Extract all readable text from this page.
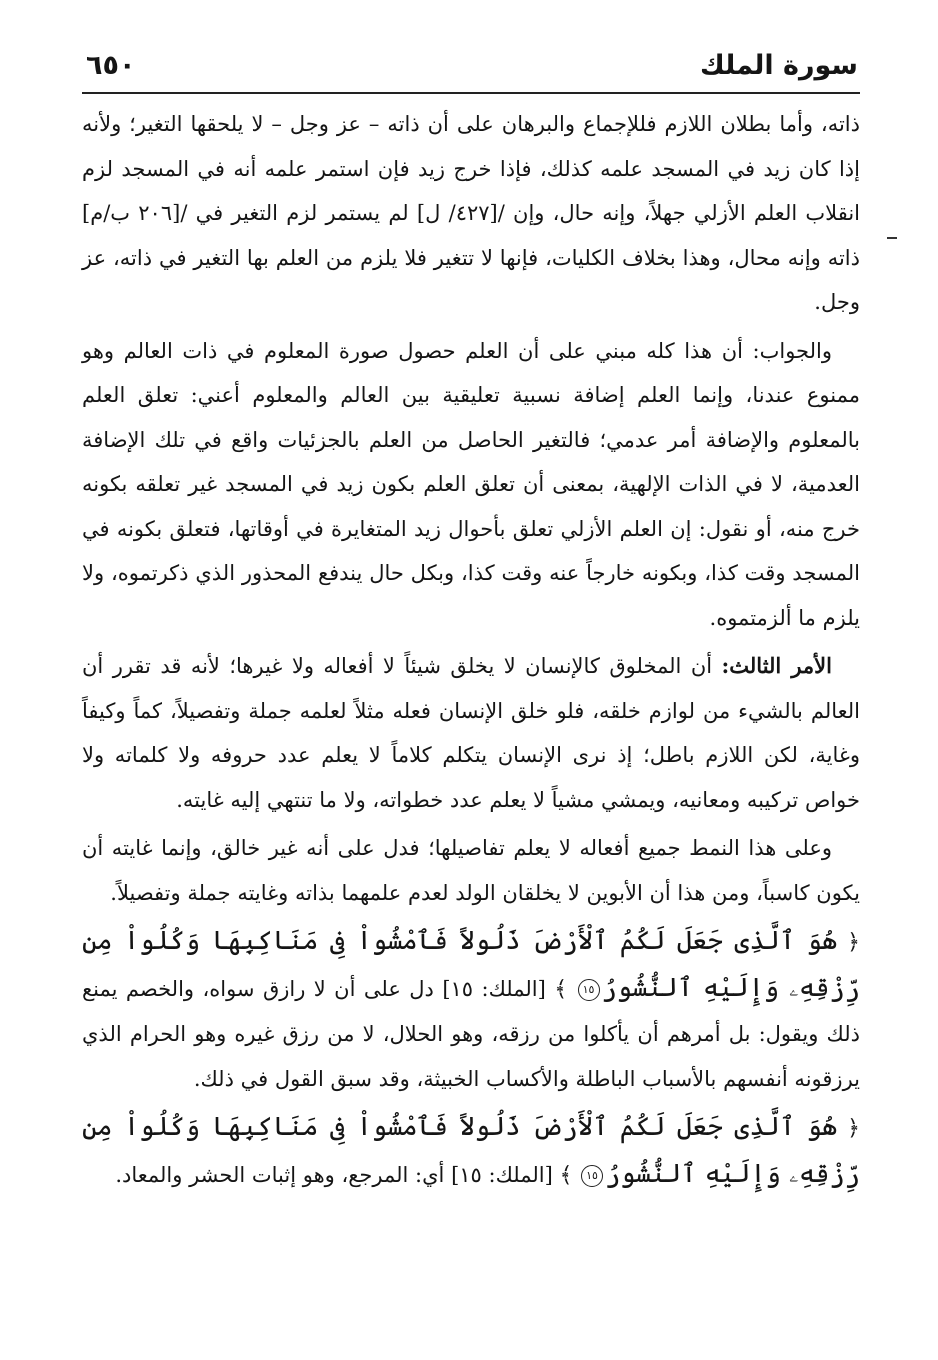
سورة الملك
٦٥٠

ذاته، وأما بطلان اللازم فللإجماع والبرهان على أن ذاته – عز وجل – لا يلحقها التغير؛ ولأنه إذا كان زيد في المسجد علمه كذلك، فإذا خرج زيد فإن استمر علمه أنه في المسجد لزم انقلاب العلم الأزلي جهلاً، وإنه حال، وإن /[٤٢٧/ ل] لم يستمر لزم التغير في /[٢٠٦ ب/م] ذاته وإنه محال، وهذا بخلاف الكليات، فإنها لا تتغير فلا يلزم من العلم بها التغير في ذاته، عز وجل.

والجواب: أن هذا كله مبني على أن العلم حصول صورة المعلوم في ذات العالم وهو ممنوع عندنا، وإنما العلم إضافة نسبية تعليقية بين العالم والمعلوم أعني: تعلق العلم بالمعلوم والإضافة أمر عدمي؛ فالتغير الحاصل من العلم بالجزئيات واقع في تلك الإضافة العدمية، لا في الذات الإلهية، بمعنى أن تعلق العلم بكون زيد في المسجد غير تعلقه بكونه خرج منه، أو نقول: إن العلم الأزلي تعلق بأحوال زيد المتغايرة في أوقاتها، فتعلق بكونه في المسجد وقت كذا، وبكونه خارجاً عنه وقت كذا، وبكل حال يندفع المحذور الذي ذكرتموه، ولا يلزم ما ألزمتموه.

الأمر الثالث: أن المخلوق كالإنسان لا يخلق شيئاً لا أفعاله ولا غيرها؛ لأنه قد تقرر أن العالم بالشيء من لوازم خلقه، فلو خلق الإنسان فعله مثلاً لعلمه جملة وتفصيلاً، كماً وكيفاً وغاية، لكن اللازم باطل؛ إذ نرى الإنسان يتكلم كلاماً لا يعلم عدد حروفه ولا كلماته ولا خواص تركيبه ومعانيه، ويمشي مشياً لا يعلم عدد خطواته، ولا ما تنتهي إليه غايته.

وعلى هذا النمط جميع أفعاله لا يعلم تفاصيلها؛ فدل على أنه غير خالق، وإنما غايته أن يكون كاسباً، ومن هذا أن الأبوين لا يخلقان الولد لعدم علمهما بذاته وغايته جملة وتفصيلاً.

﴿ هُوَ ٱلَّذِى جَعَلَ لَكُمُ ٱلْأَرْضَ ذَلُولاً فَٱمْشُواْ فِى مَنَاكِبِهَا وَكُلُواْ مِن رِّزْقِهِۦ وَإِلَيْهِ ٱلنُّشُورُ١٥ ﴾ [الملك: ١٥] دل على أن لا رازق سواه، والخصم يمنع ذلك ويقول: بل أمرهم أن يأكلوا من رزقه، وهو الحلال، لا من رزق غيره وهو الحرام الذي يرزقونه أنفسهم بالأسباب الباطلة والأكساب الخبيثة، وقد سبق القول في ذلك.

﴿ هُوَ ٱلَّذِى جَعَلَ لَكُمُ ٱلْأَرْضَ ذَلُولاً فَٱمْشُواْ فِى مَنَاكِبِهَا وَكُلُواْ مِن رِّزْقِهِۦ وَإِلَيْهِ ٱلنُّشُورُ١٥ ﴾ [الملك: ١٥] أي: المرجع، وهو إثبات الحشر والمعاد.
